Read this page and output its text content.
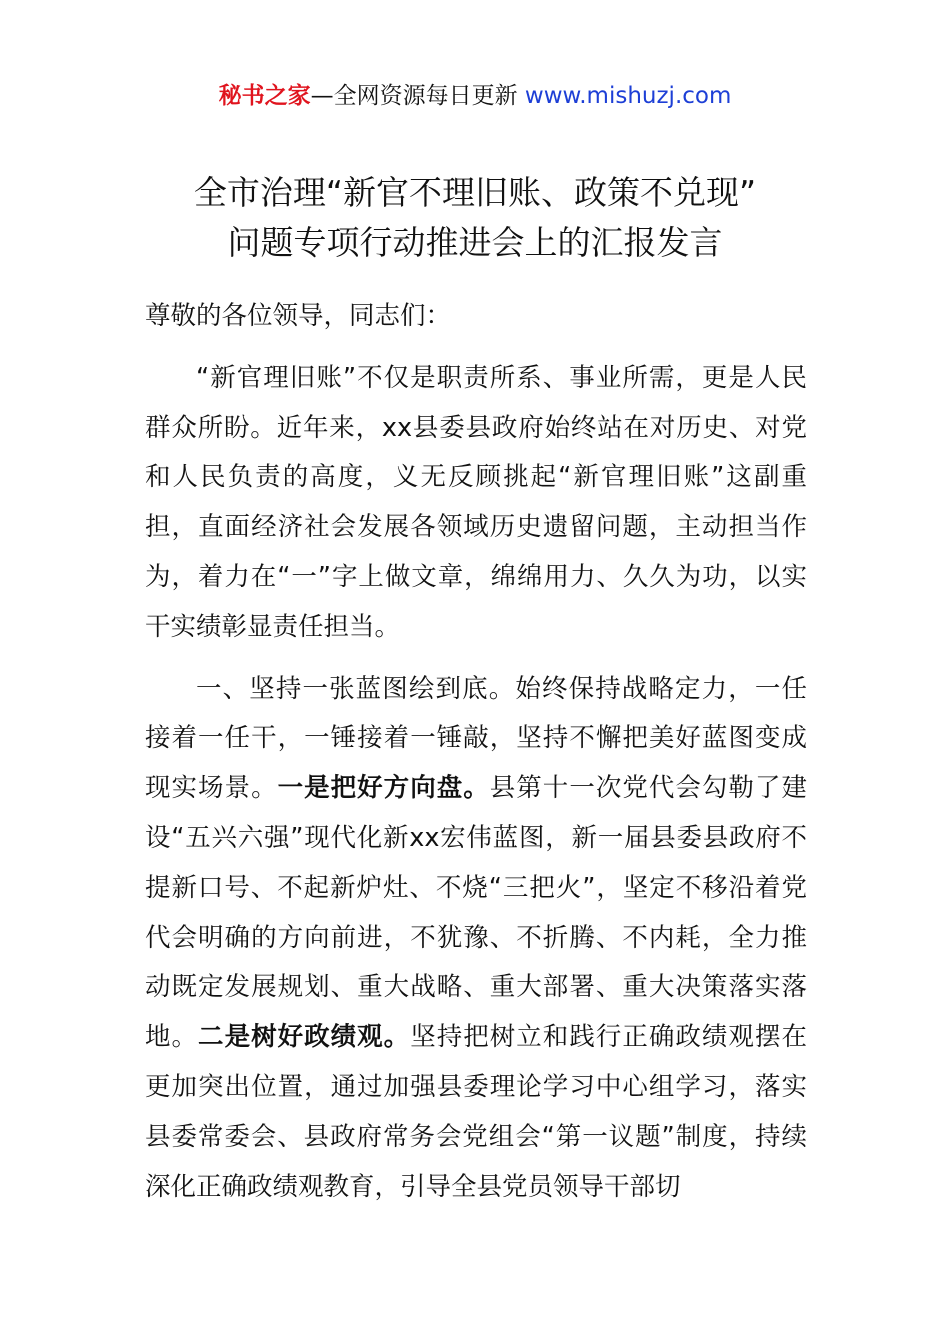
秘书之家—全网资源每日更新 www.mishuzj.com
全市治理“新官不理旧账、政策不兑现”
问题专项行动推进会上的汇报发言
尊敬的各位领导，同志们：

“新官理旧账”不仅是职责所系、事业所需，更是人民群众所盼。近年来，xx县委县政府始终站在对历史、对党和人民负责的高度，义无反顾挑起“新官理旧账”这副重担，直面经济社会发展各领域历史遗留问题，主动担当作为，着力在“一”字上做文章，绵绵用力、久久为功，以实干实绩彰显责任担当。

一、坚持一张蓝图绘到底。始终保持战略定力，一任接着一任干，一锤接着一锤敲，坚持不懈把美好蓝图变成现实场景。一是把好方向盘。县第十一次党代会勾勒了建设“五兴六强”现代化新xx宏伟蓝图，新一届县委县政府不提新口号、不起新炉灶、不烧“三把火”，坚定不移沿着党代会明确的方向前进，不犹豫、不折腾、不内耗，全力推动既定发展规划、重大战略、重大部署、重大决策落实落地。二是树好政绩观。坚持把树立和践行正确政绩观摆在更加突出位置，通过加强县委理论学习中心组学习，落实县委常委会、县政府常务会党组会“第一议题”制度，持续深化正确政绩观教育，引导全县党员领导干部切
